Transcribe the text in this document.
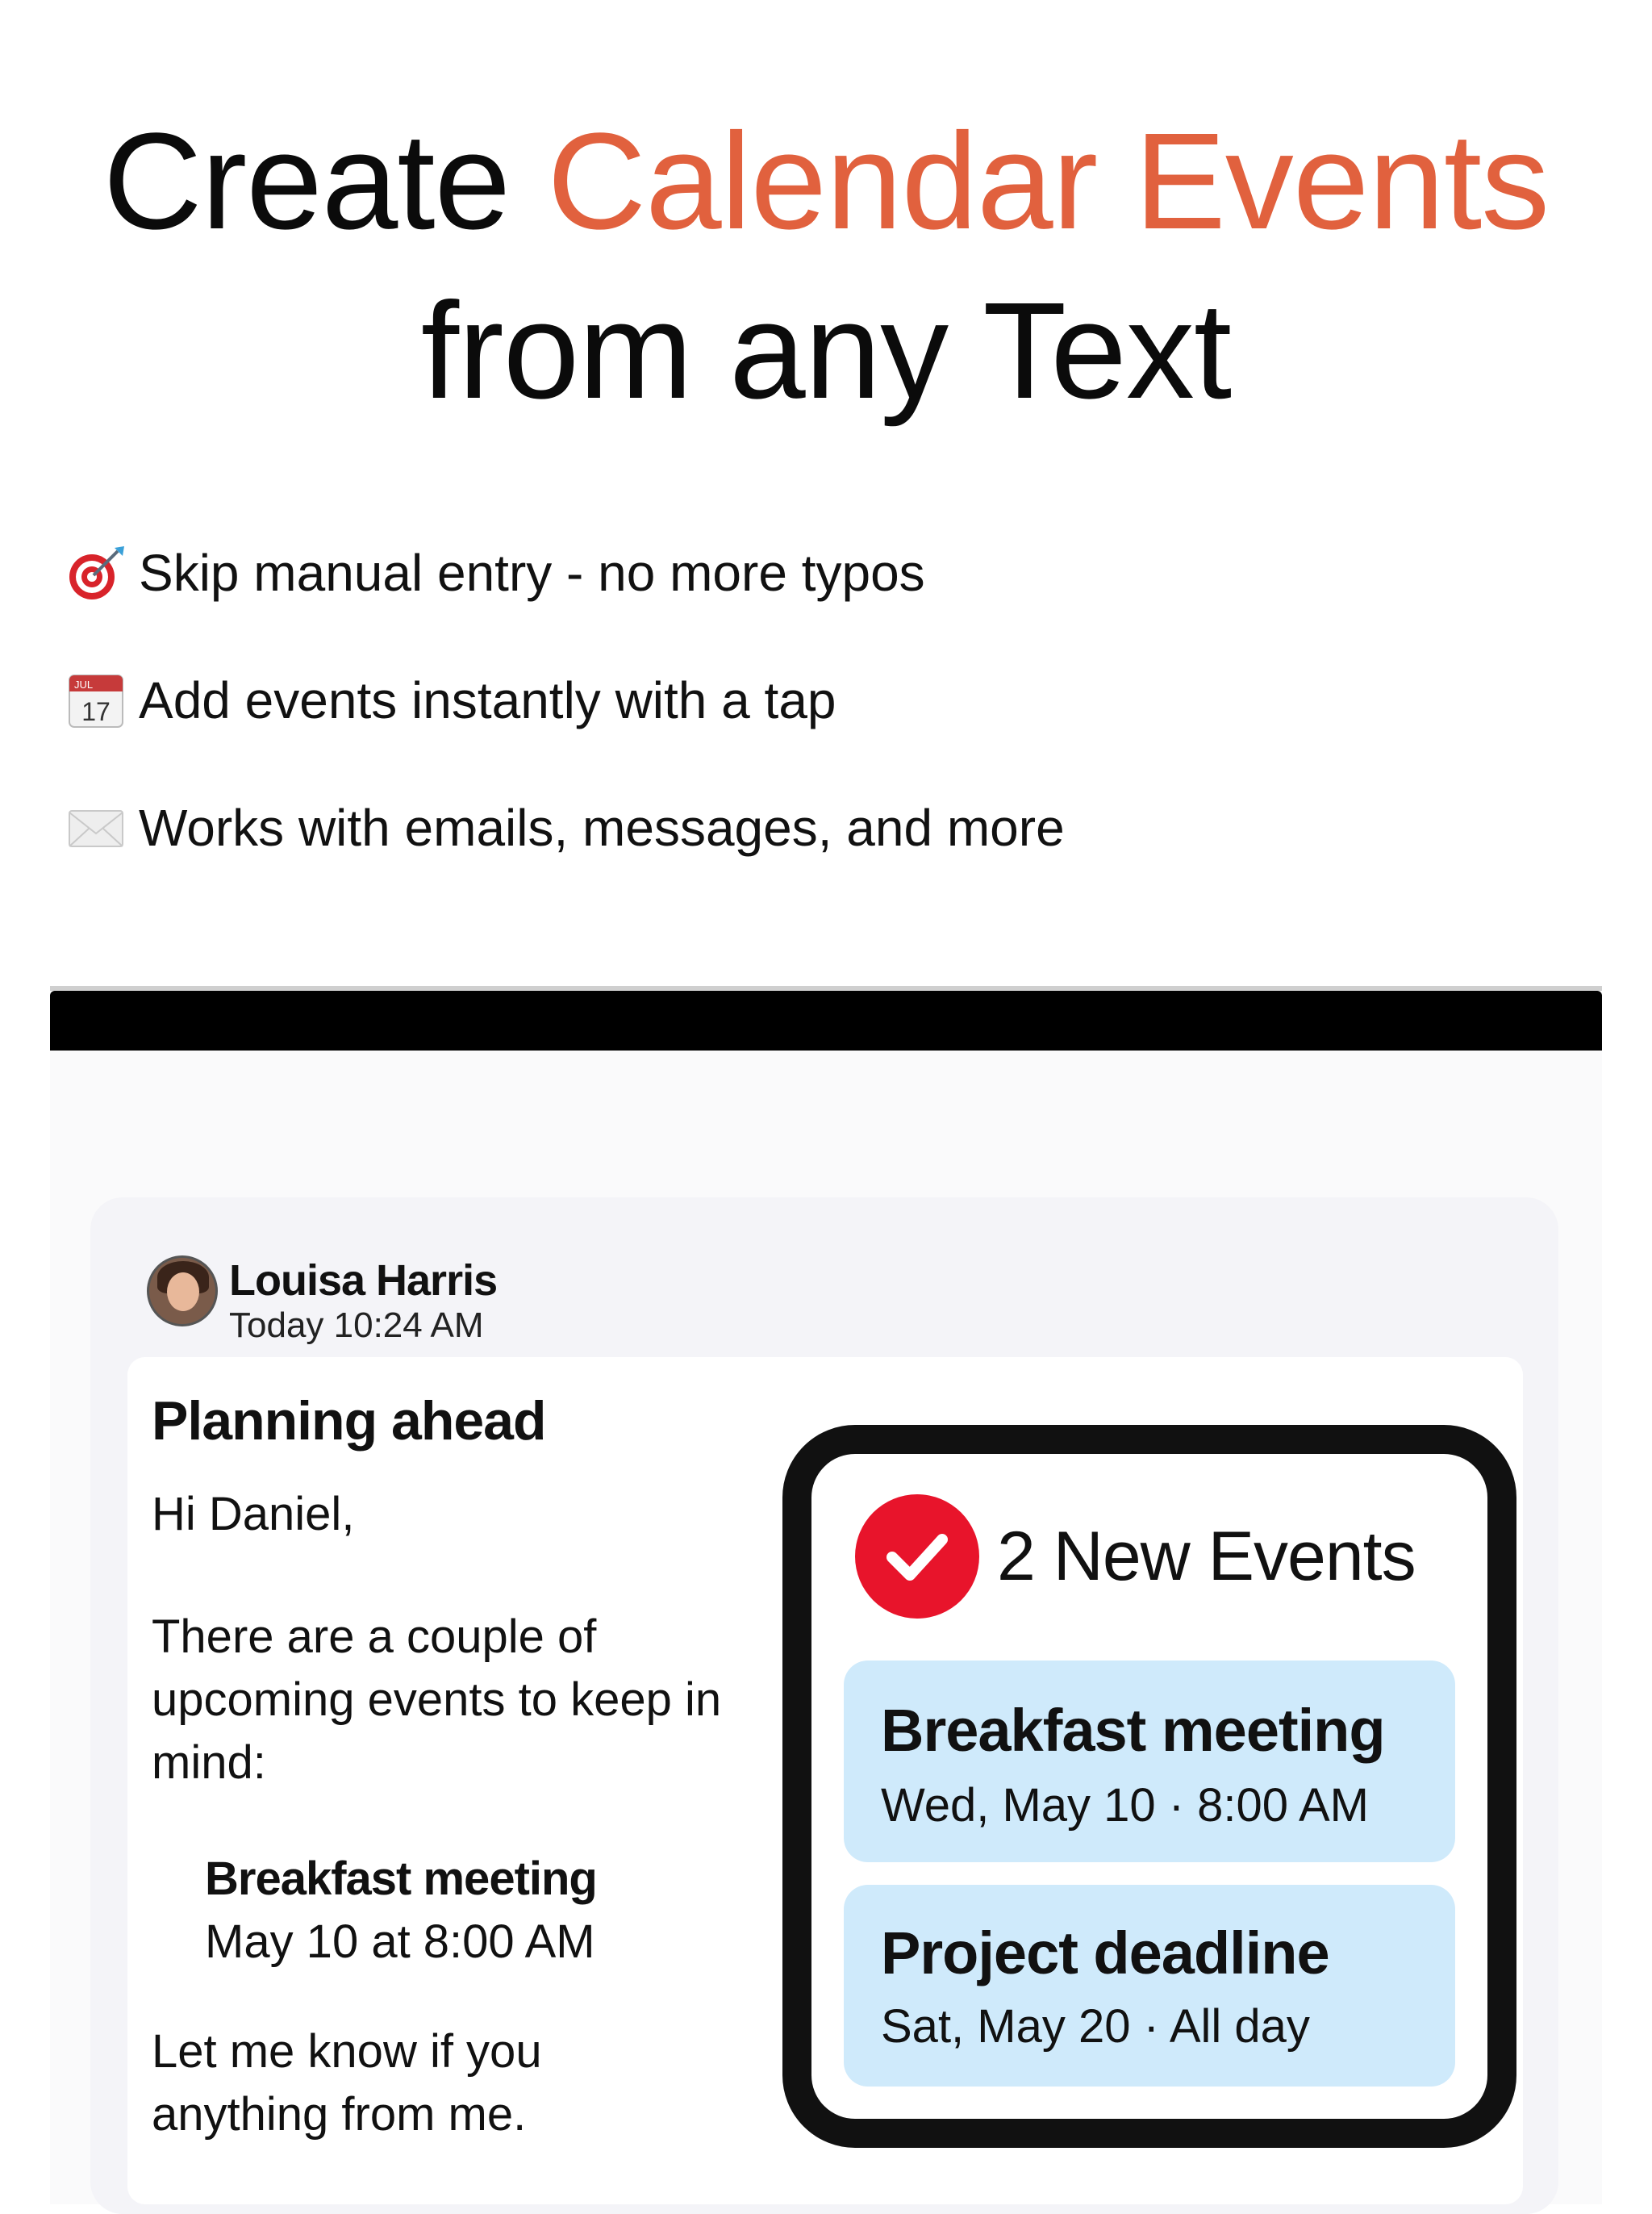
Create Calendar Events
from any Text
Skip manual entry - no more typos
JUL
17 Add events instantly with a tap
Works with emails, messages, and more
Louisa Harris
Today 10:24 AM
Planning ahead
Hi Daniel,
There are a couple of upcoming events to keep in mind:
Breakfast meeting
May 10 at 8:00 AM
Let me know if you anything from me.
2 New Events
Breakfast meeting
Wed, May 10 · 8:00 AM
Project deadline
Sat, May 20 · All day
